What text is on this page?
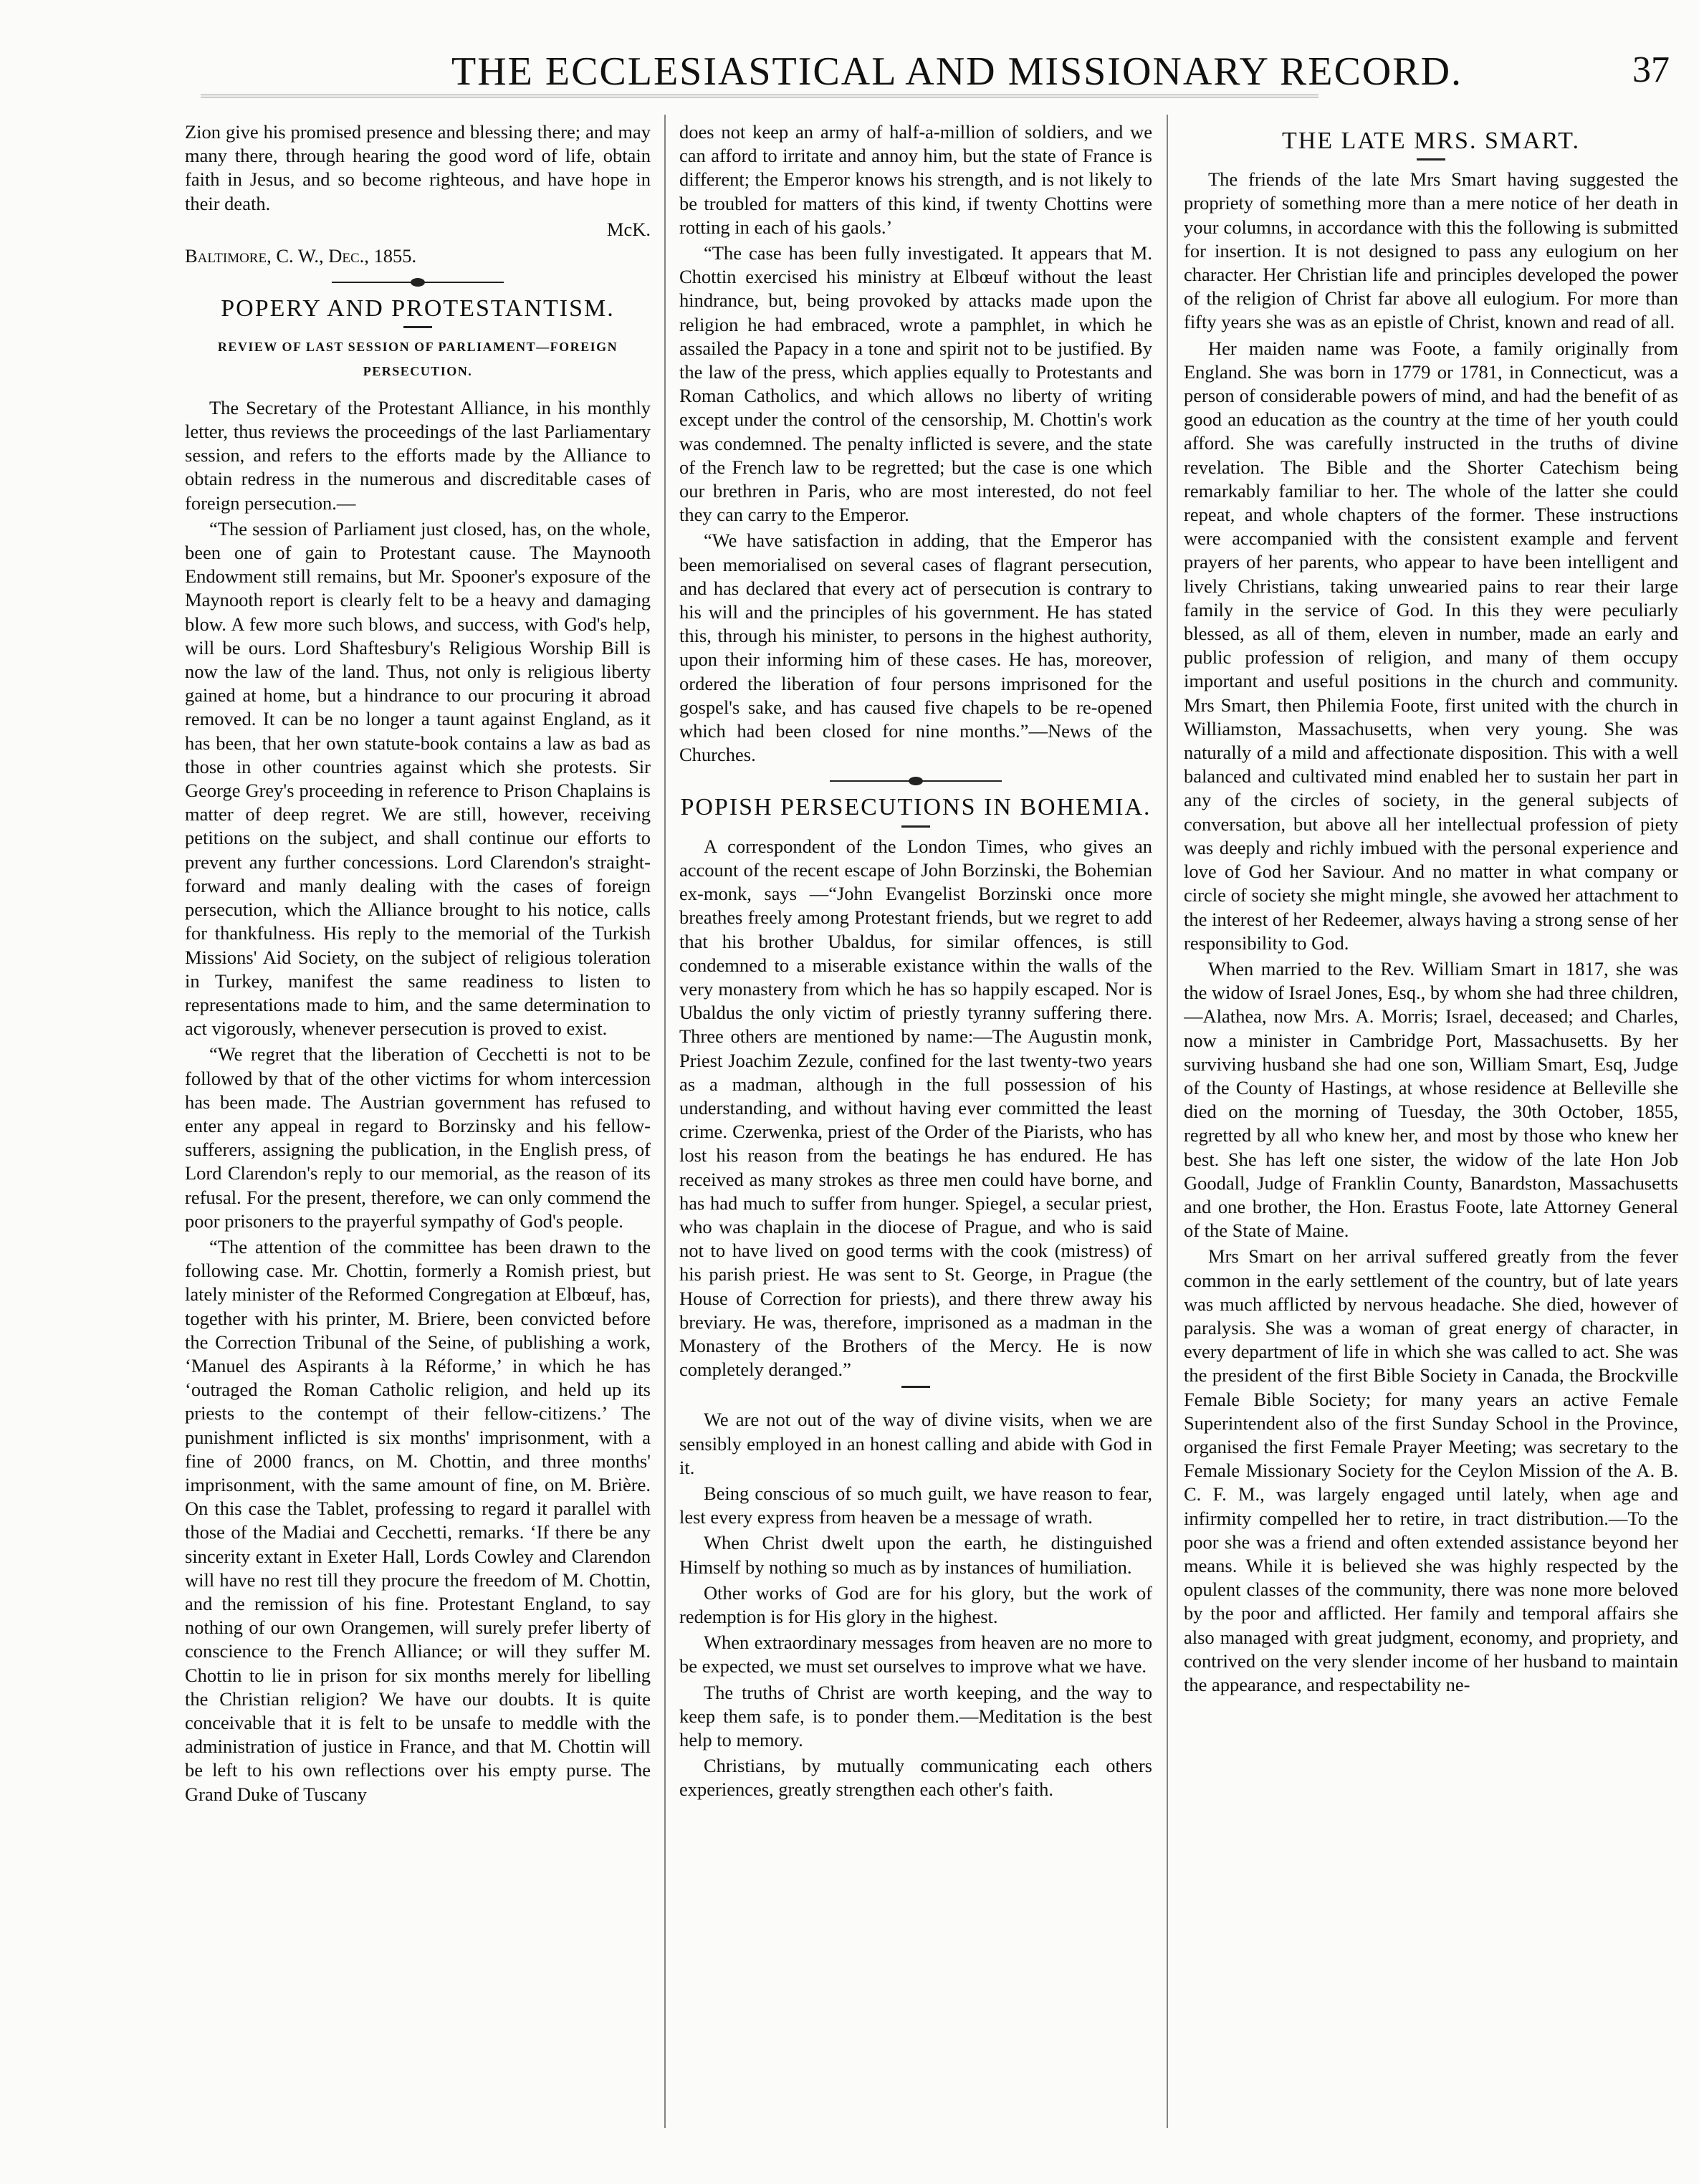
THE ECCLESIASTICAL AND MISSIONARY RECORD.	37

Zion give his promised presence and blessing there; and may many there, through hearing the good word of life, obtain faith in Jesus, and so become righteous, and have hope in their death.

McK.

Baltimore, C. W., Dec., 1855.

POPERY AND PROTESTANTISM.
REVIEW OF LAST SESSION OF PARLIAMENT—FOREIGN PERSECUTION.

The Secretary of the Protestant Alliance, in his monthly letter, thus reviews the proceedings of the last Parliamentary session, and refers to the efforts made by the Alliance to obtain redress in the numerous and discreditable cases of foreign persecution.—

“The session of Parliament just closed, has, on the whole, been one of gain to Protestant cause. The Maynooth Endowment still remains, but Mr. Spooner's exposure of the Maynooth report is clearly felt to be a heavy and damaging blow. A few more such blows, and success, with God's help, will be ours. Lord Shaftesbury's Religious Worship Bill is now the law of the land. Thus, not only is religious liberty gained at home, but a hindrance to our procuring it abroad removed. It can be no longer a taunt against England, as it has been, that her own statute-book contains a law as bad as those in other countries against which she protests. Sir George Grey's proceeding in reference to Prison Chaplains is matter of deep regret. We are still, however, receiving petitions on the subject, and shall continue our efforts to prevent any further concessions. Lord Clarendon's straight-forward and manly dealing with the cases of foreign persecution, which the Alliance brought to his notice, calls for thankfulness. His reply to the memorial of the Turkish Missions' Aid Society, on the subject of religious toleration in Turkey, manifest the same readiness to listen to representations made to him, and the same determination to act vigorously, whenever persecution is proved to exist.

“We regret that the liberation of Cecchetti is not to be followed by that of the other victims for whom intercession has been made. The Austrian government has refused to enter any appeal in regard to Borzinsky and his fellow-sufferers, assigning the publication, in the English press, of Lord Clarendon's reply to our memorial, as the reason of its refusal. For the present, therefore, we can only commend the poor prisoners to the prayerful sympathy of God's people.

“The attention of the committee has been drawn to the following case. Mr. Chottin, formerly a Romish priest, but lately minister of the Reformed Congregation at Elbœuf, has, together with his printer, M. Briere, been convicted before the Correction Tribunal of the Seine, of publishing a work, ‘Manuel des Aspirants à la Réforme,’ in which he has ‘outraged the Roman Catholic religion, and held up its priests to the contempt of their fellow-citizens.’ The punishment inflicted is six months' imprisonment, with a fine of 2000 francs, on M. Chottin, and three months' imprisonment, with the same amount of fine, on M. Brière. On this case the Tablet, professing to regard it parallel with those of the Madiai and Cecchetti, remarks. ‘If there be any sincerity extant in Exeter Hall, Lords Cowley and Clarendon will have no rest till they procure the freedom of M. Chottin, and the remission of his fine. Protestant England, to say nothing of our own Orangemen, will surely prefer liberty of conscience to the French Alliance; or will they suffer M. Chottin to lie in prison for six months merely for libelling the Christian religion? We have our doubts. It is quite conceivable that it is felt to be unsafe to meddle with the administration of justice in France, and that M. Chottin will be left to his own reflections over his empty purse. The Grand Duke of Tuscany

does not keep an army of half-a-million of soldiers, and we can afford to irritate and annoy him, but the state of France is different; the Emperor knows his strength, and is not likely to be troubled for matters of this kind, if twenty Chottins were rotting in each of his gaols.’

“The case has been fully investigated. It appears that M. Chottin exercised his ministry at Elbœuf without the least hindrance, but, being provoked by attacks made upon the religion he had embraced, wrote a pamphlet, in which he assailed the Papacy in a tone and spirit not to be justified. By the law of the press, which applies equally to Protestants and Roman Catholics, and which allows no liberty of writing except under the control of the censorship, M. Chottin's work was condemned. The penalty inflicted is severe, and the state of the French law to be regretted; but the case is one which our brethren in Paris, who are most interested, do not feel they can carry to the Emperor.

“We have satisfaction in adding, that the Emperor has been memorialised on several cases of flagrant persecution, and has declared that every act of persecution is contrary to his will and the principles of his government. He has stated this, through his minister, to persons in the highest authority, upon their informing him of these cases. He has, moreover, ordered the liberation of four persons imprisoned for the gospel's sake, and has caused five chapels to be re-opened which had been closed for nine months.”—News of the Churches.

POPISH PERSECUTIONS IN BOHEMIA.

A correspondent of the London Times, who gives an account of the recent escape of John Borzinski, the Bohemian ex-monk, says —“John Evangelist Borzinski once more breathes freely among Protestant friends, but we regret to add that his brother Ubaldus, for similar offences, is still condemned to a miserable existance within the walls of the very monastery from which he has so happily escaped. Nor is Ubaldus the only victim of priestly tyranny suffering there. Three others are mentioned by name:—The Augustin monk, Priest Joachim Zezule, confined for the last twenty-two years as a madman, although in the full possession of his understanding, and without having ever committed the least crime. Czerwenka, priest of the Order of the Piarists, who has lost his reason from the beatings he has endured. He has received as many strokes as three men could have borne, and has had much to suffer from hunger. Spiegel, a secular priest, who was chaplain in the diocese of Prague, and who is said not to have lived on good terms with the cook (mistress) of his parish priest. He was sent to St. George, in Prague (the House of Correction for priests), and there threw away his breviary. He was, therefore, imprisoned as a madman in the Monastery of the Brothers of the Mercy. He is now completely deranged.”

We are not out of the way of divine visits, when we are sensibly employed in an honest calling and abide with God in it.

Being conscious of so much guilt, we have reason to fear, lest every express from heaven be a message of wrath.

When Christ dwelt upon the earth, he distinguished Himself by nothing so much as by instances of humiliation.

Other works of God are for his glory, but the work of redemption is for His glory in the highest.

When extraordinary messages from heaven are no more to be expected, we must set ourselves to improve what we have.

The truths of Christ are worth keeping, and the way to keep them safe, is to ponder them.—Meditation is the best help to memory.

Christians, by mutually communicating each others experiences, greatly strengthen each other's faith.

THE LATE MRS. SMART.

The friends of the late Mrs Smart having suggested the propriety of something more than a mere notice of her death in your columns, in accordance with this the following is submitted for insertion. It is not designed to pass any eulogium on her character. Her Christian life and principles developed the power of the religion of Christ far above all eulogium. For more than fifty years she was as an epistle of Christ, known and read of all.

Her maiden name was Foote, a family originally from England. She was born in 1779 or 1781, in Connecticut, was a person of considerable powers of mind, and had the benefit of as good an education as the country at the time of her youth could afford. She was carefully instructed in the truths of divine revelation. The Bible and the Shorter Catechism being remarkably familiar to her. The whole of the latter she could repeat, and whole chapters of the former. These instructions were accompanied with the consistent example and fervent prayers of her parents, who appear to have been intelligent and lively Christians, taking unwearied pains to rear their large family in the service of God. In this they were peculiarly blessed, as all of them, eleven in number, made an early and public profession of religion, and many of them occupy important and useful positions in the church and community. Mrs Smart, then Philemia Foote, first united with the church in Williamston, Massachusetts, when very young. She was naturally of a mild and affectionate disposition. This with a well balanced and cultivated mind enabled her to sustain her part in any of the circles of society, in the general subjects of conversation, but above all her intellectual profession of piety was deeply and richly imbued with the personal experience and love of God her Saviour. And no matter in what company or circle of society she might mingle, she avowed her attachment to the interest of her Redeemer, always having a strong sense of her responsibility to God.

When married to the Rev. William Smart in 1817, she was the widow of Israel Jones, Esq., by whom she had three children,—Alathea, now Mrs. A. Morris; Israel, deceased; and Charles, now a minister in Cambridge Port, Massachusetts. By her surviving husband she had one son, William Smart, Esq, Judge of the County of Hastings, at whose residence at Belleville she died on the morning of Tuesday, the 30th October, 1855, regretted by all who knew her, and most by those who knew her best. She has left one sister, the widow of the late Hon Job Goodall, Judge of Franklin County, Banardston, Massachusetts and one brother, the Hon. Erastus Foote, late Attorney General of the State of Maine.

Mrs Smart on her arrival suffered greatly from the fever common in the early settlement of the country, but of late years was much afflicted by nervous headache. She died, however of paralysis. She was a woman of great energy of character, in every department of life in which she was called to act. She was the president of the first Bible Society in Canada, the Brockville Female Bible Society; for many years an active Female Superintendent also of the first Sunday School in the Province, organised the first Female Prayer Meeting; was secretary to the Female Missionary Society for the Ceylon Mission of the A. B. C. F. M., was largely engaged until lately, when age and infirmity compelled her to retire, in tract distribution.—To the poor she was a friend and often extended assistance beyond her means. While it is believed she was highly respected by the opulent classes of the community, there was none more beloved by the poor and afflicted. Her family and temporal affairs she also managed with great judgment, economy, and propriety, and contrived on the very slender income of her husband to maintain the appearance, and respectability ne-
